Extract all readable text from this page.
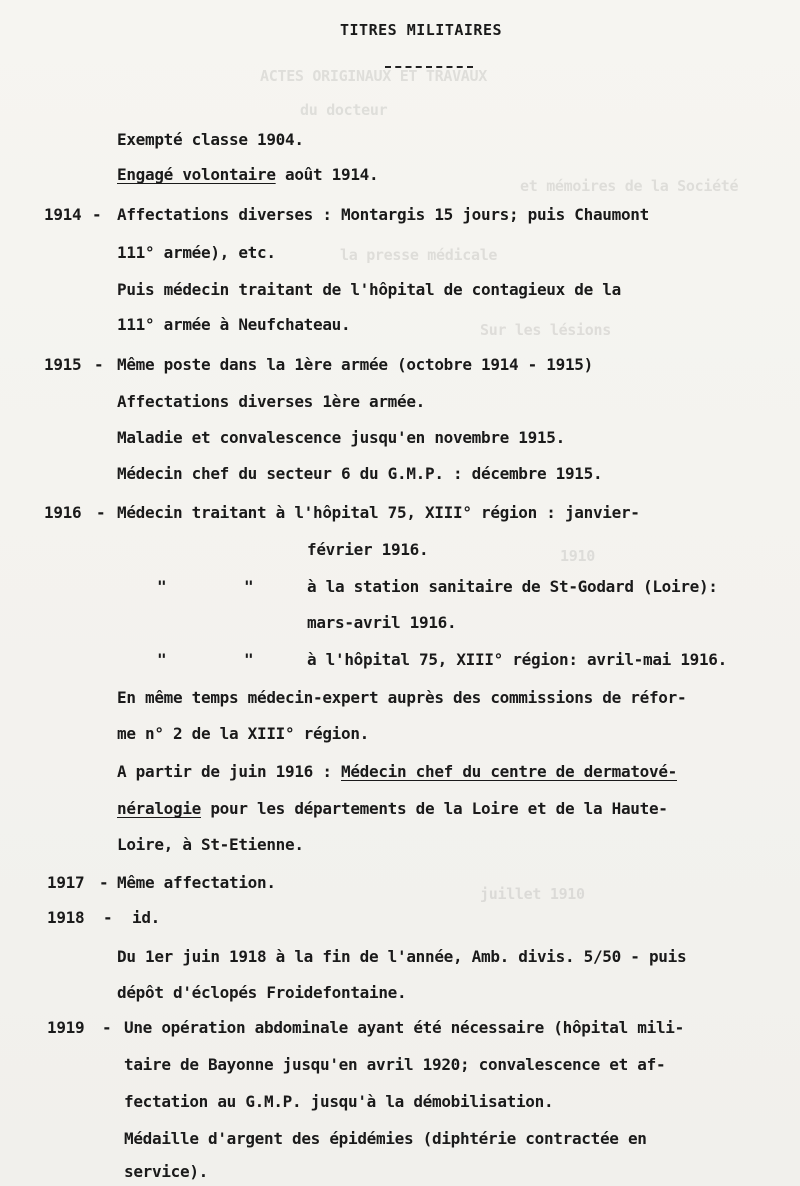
TITRES MILITAIRES
ACTES ORIGINAUX ET TRAVAUX
du docteur
et mémoires de la Société
la presse médicale
Sur les lésions
1910
juillet 1910
Exempté classe 1904.
Engagé volontaire août 1914.
1914 - Affectations diverses : Montargis 15 jours; puis Chaumont
111° armée), etc.
Puis médecin traitant de l'hôpital de contagieux de la
111° armée à Neufchateau.
1915 - Même poste dans la 1ère armée (octobre 1914 - 1915)
Affectations diverses 1ère armée.
Maladie et convalescence jusqu'en novembre 1915.
Médecin chef du secteur 6 du G.M.P. : décembre 1915.
1916 - Médecin traitant à l'hôpital 75, XIII° région : janvier-
février 1916.
"	"	à la station sanitaire de St-Godard (Loire):
mars-avril 1916.
"	"	à l'hôpital 75, XIII° région: avril-mai 1916.
En même temps médecin-expert auprès des commissions de réfor-
me n° 2 de la XIII° région.
A partir de juin 1916 : Médecin chef du centre de dermatové-
néralogie pour les départements de la Loire et de la Haute-
Loire, à St-Etienne.
1917 - Même affectation.
1918	- id.
Du 1er juin 1918 à la fin de l'année, Amb. divis. 5/50 - puis
dépôt d'éclopés Froidefontaine.
1919	- Une opération abdominale ayant été nécessaire (hôpital mili-
taire de Bayonne jusqu'en avril 1920; convalescence et af-
fectation au G.M.P. jusqu'à la démobilisation.
Médaille d'argent des épidémies (diphtérie contractée en
service).
